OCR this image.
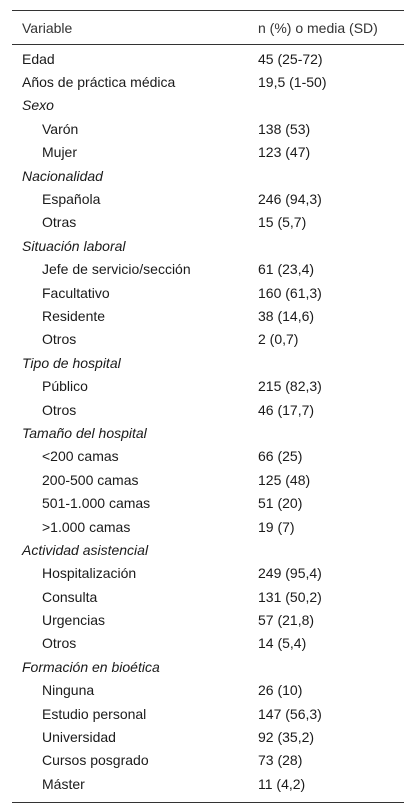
Variable	n (%) o media (SD)
Edad	45 (25-72)
Años de práctica médica	19,5 (1-50)
Sexo
Varón	138 (53)
Mujer	123 (47)
Nacionalidad
Española	246 (94,3)
Otras	15 (5,7)
Situación laboral
Jefe de servicio/sección	61 (23,4)
Facultativo	160 (61,3)
Residente	38 (14,6)
Otros	2 (0,7)
Tipo de hospital
Público	215 (82,3)
Otros	46 (17,7)
Tamaño del hospital
<200 camas	66 (25)
200-500 camas	125 (48)
501-1.000 camas	51 (20)
>1.000 camas	19 (7)
Actividad asistencial
Hospitalización	249 (95,4)
Consulta	131 (50,2)
Urgencias	57 (21,8)
Otros	14 (5,4)
Formación en bioética
Ninguna	26 (10)
Estudio personal	147 (56,3)
Universidad	92 (35,2)
Cursos posgrado	73 (28)
Máster	11 (4,2)
